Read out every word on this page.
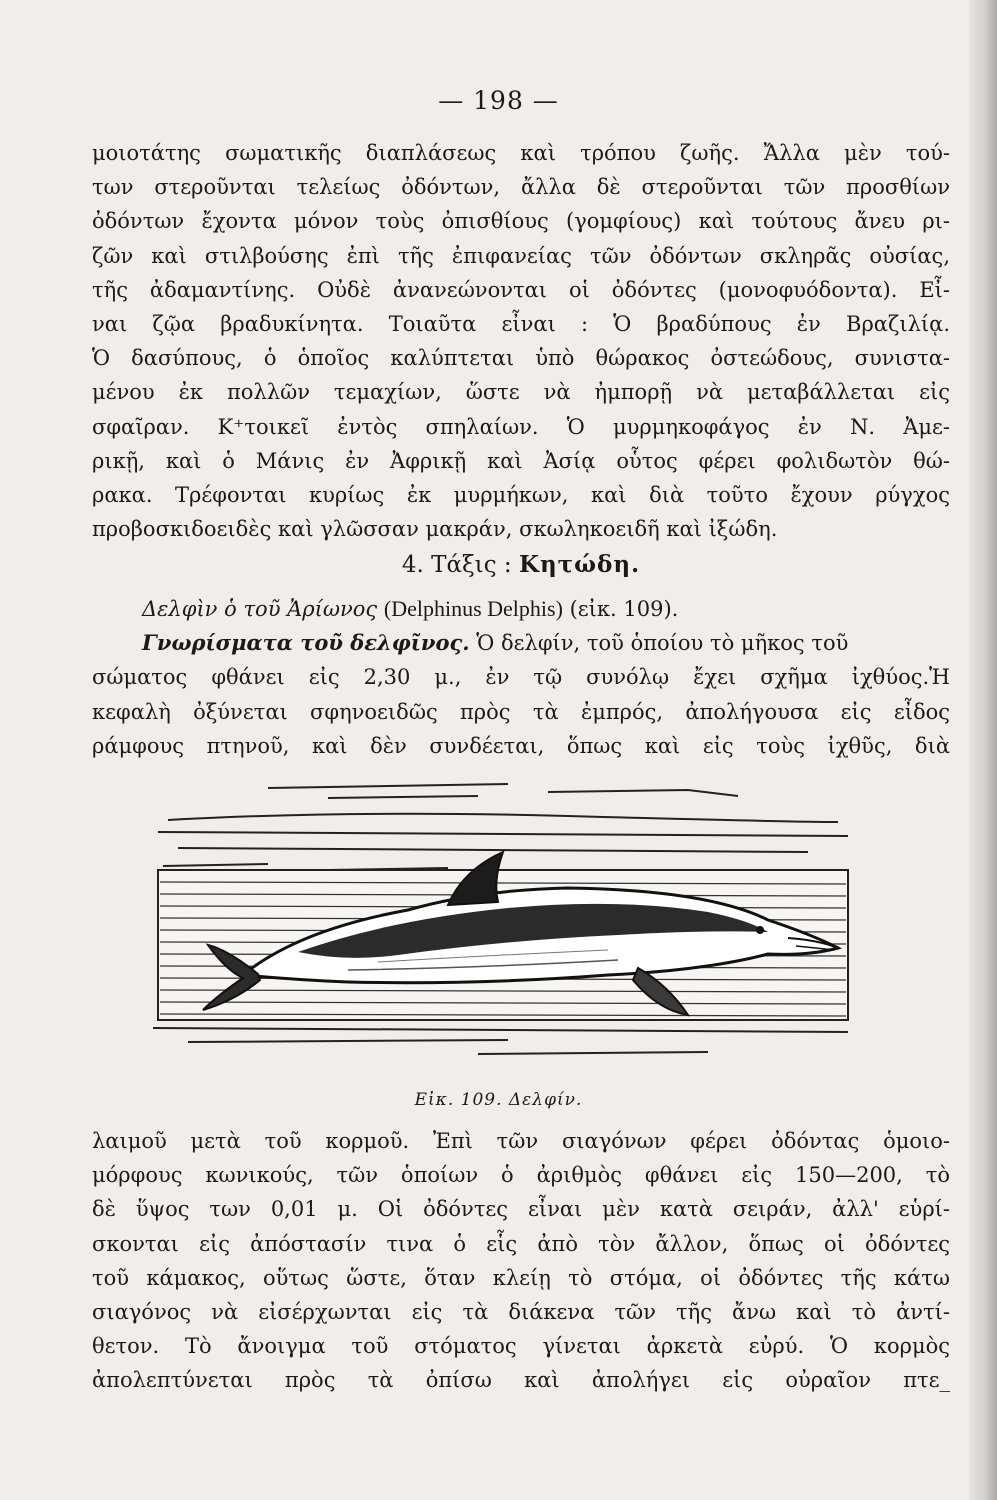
— 198 —
μοιοτάτης σωματικῆς διαπλάσεως καὶ τρόπου ζωῆς. Ἄλλα μὲν τού-
των στεροῦνται τελείως ὀδόντων, ἄλλα δὲ στεροῦνται τῶν προσθίων
ὀδόντων ἔχοντα μόνον τοὺς ὀπισθίους (γομφίους) καὶ τούτους ἄνευ ρι-
ζῶν καὶ στιλβούσης ἐπὶ τῆς ἐπιφανείας τῶν ὀδόντων σκληρᾶς οὐσίας,
τῆς ἀδαμαντίνης. Οὐδὲ ἀνανεώνονται οἱ ὀδόντες (μονοφυόδοντα). Εἶ-
ναι ζῷα βραδυκίνητα. Τοιαῦτα εἶναι : Ὁ βραδύπους ἐν Βραζιλίᾳ.
Ὁ δασύπους, ὁ ὁποῖος καλύπτεται ὑπὸ θώρακος ὀστεώδους, συνιστα-
μένου ἐκ πολλῶν τεμαχίων, ὥστε νὰ ἠμπορῇ νὰ μεταβάλλεται εἰς
σφαῖραν. Κ⁺τοικεῖ ἐντὸς σπηλαίων. Ὁ μυρμηκοφάγος ἐν Ν. Ἀμε-
ρικῇ, καὶ ὁ Μάνις ἐν Ἀφρικῇ καὶ Ἀσίᾳ οὗτος φέρει φολιδωτὸν θώ-
ρακα. Τρέφονται κυρίως ἐκ μυρμήκων, καὶ διὰ τοῦτο ἔχουν ρύγχος
προβοσκιδοειδὲς καὶ γλῶσσαν μακράν, σκωληκοειδῆ καὶ ἰξώδη.
4. Τάξις : Κητώδη.
Δελφὶν ὁ τοῦ Ἀρίωνος (Delphinus Delphis) (εἰκ. 109).
Γνωρίσματα τοῦ δελφῖνος. Ὁ δελφίν, τοῦ ὁποίου τὸ μῆκος τοῦ
σώματος φθάνει εἰς 2,30 μ., ἐν τῷ συνόλῳ ἔχει σχῆμα ἰχθύος.Ἡ
κεφαλὴ ὀξύνεται σφηνοειδῶς πρὸς τὰ ἐμπρός, ἀπολήγουσα εἰς εἶδος
ράμφους πτηνοῦ, καὶ δὲν συνδέεται, ὅπως καὶ εἰς τοὺς ἰχθῦς, διὰ
Εἰκ. 109. Δελφίν.
λαιμοῦ μετὰ τοῦ κορμοῦ. Ἐπὶ τῶν σιαγόνων φέρει ὀδόντας ὁμοιο-
μόρφους κωνικούς, τῶν ὁποίων ὁ ἀριθμὸς φθάνει εἰς 150—200, τὸ
δὲ ὕψος των 0,01 μ. Οἱ ὀδόντες εἶναι μὲν κατὰ σειράν, ἀλλ' εὑρί-
σκονται εἰς ἀπόστασίν τινα ὁ εἷς ἀπὸ τὸν ἄλλον, ὅπως οἱ ὀδόντες
τοῦ κάμακος, οὕτως ὥστε, ὅταν κλείῃ τὸ στόμα, οἱ ὀδόντες τῆς κάτω
σιαγόνος νὰ εἰσέρχωνται εἰς τὰ διάκενα τῶν τῆς ἄνω καὶ τὸ ἀντί-
θετον. Τὸ ἄνοιγμα τοῦ στόματος γίνεται ἀρκετὰ εὐρύ. Ὁ κορμὸς
ἀπολεπτύνεται πρὸς τὰ ὀπίσω καὶ ἀπολήγει εἰς οὐραῖον πτε_
